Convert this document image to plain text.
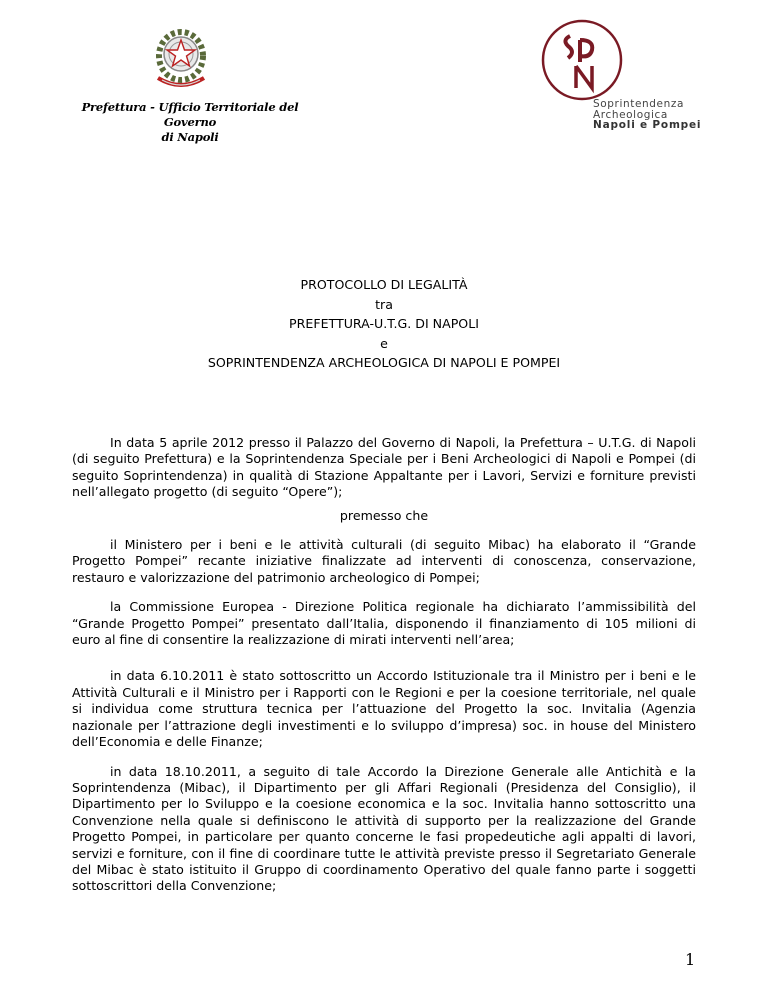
Prefettura - Ufficio Territoriale del Governo
di Napoli
Soprintendenza
Archeologica
Napoli e Pompei
PROTOCOLLO DI LEGALITÀ
tra
PREFETTURA-U.T.G. DI NAPOLI
e
SOPRINTENDENZA ARCHEOLOGICA DI NAPOLI E POMPEI

In data 5 aprile 2012 presso il Palazzo del Governo di Napoli, la Prefettura – U.T.G. di Napoli (di seguito Prefettura) e la Soprintendenza Speciale per i Beni Archeologici di Napoli e Pompei (di seguito Soprintendenza) in qualità di Stazione Appaltante per i Lavori, Servizi e forniture previsti nell’allegato progetto (di seguito “Opere”);

premesso che

il Ministero per i beni e le attività culturali (di seguito Mibac) ha elaborato il “Grande Progetto Pompei” recante iniziative finalizzate ad interventi di conoscenza, conservazione, restauro e valorizzazione del patrimonio archeologico di Pompei;

la Commissione Europea - Direzione Politica regionale ha dichiarato l’ammissibilità del “Grande Progetto Pompei” presentato dall’Italia, disponendo il finanziamento di 105 milioni di euro al fine di consentire la realizzazione di mirati interventi nell’area;

in data 6.10.2011 è stato sottoscritto un Accordo Istituzionale tra il Ministro per i beni e le Attività Culturali e il Ministro per i Rapporti con le Regioni e per la coesione territoriale, nel quale si individua come struttura tecnica per l’attuazione del Progetto la soc. Invitalia (Agenzia nazionale per l’attrazione degli investimenti e lo sviluppo d’impresa) soc. in house del Ministero dell’Economia e delle Finanze;

in data 18.10.2011, a seguito di tale Accordo la Direzione Generale alle Antichità e la Soprintendenza (Mibac), il Dipartimento per gli Affari Regionali (Presidenza del Consiglio), il Dipartimento per lo Sviluppo e la coesione economica e la soc. Invitalia hanno sottoscritto una Convenzione nella quale si definiscono le attività di supporto per la realizzazione del Grande Progetto Pompei, in particolare per quanto concerne le fasi propedeutiche agli appalti di lavori, servizi e forniture, con il fine di coordinare tutte le attività previste presso il Segretariato Generale del Mibac è stato istituito il Gruppo di coordinamento Operativo del quale fanno parte i soggetti sottoscrittori della Convenzione;

1
